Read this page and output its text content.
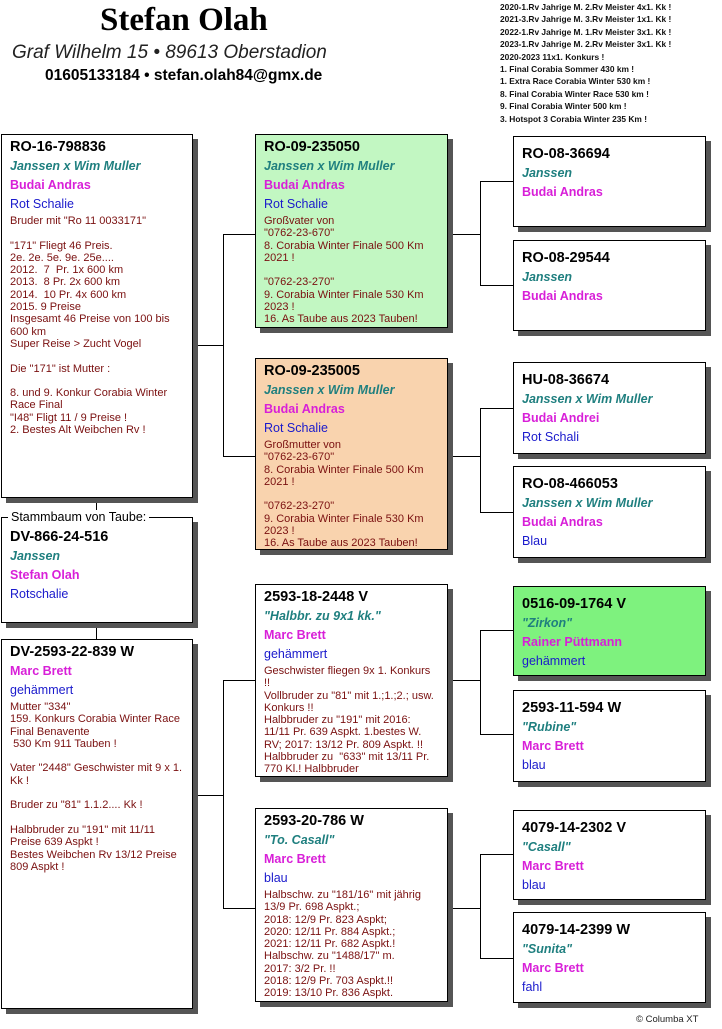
Stefan Olah
Graf Wilhelm 15 • 89613 Oberstadion
01605133184 • stefan.olah84@gmx.de
2020-1.Rv Jahrige M. 2.Rv Meister 4x1. Kk !
2021-3.Rv Jahrige M. 3.Rv Meister 1x1. Kk !
2022-1.Rv Jahrige M. 1.Rv Meister 3x1. Kk !
2023-1.Rv Jahrige M. 2.Rv Meister 3x1. Kk !
2020-2023 11x1. Konkurs !
1. Final Corabia Sommer 430 km !
1. Extra Race Corabia Winter 530 km !
8. Final Corabia Winter Race 530 km !
9. Final Corabia Winter 500 km !
3. Hotspot 3 Corabia Winter 235 Km !
RO-16-798836
Janssen x Wim Muller
Budai Andras
Rot Schalie
Bruder mit "Ro 11 0033171"

"171" Fliegt 46 Preis.
2e. 2e. 5e. 9e. 25e....
2012.  7  Pr. 1x 600 km
2013.  8 Pr. 2x 600 km
2014.  10 Pr. 4x 600 km
2015. 9 Preise
Insgesamt 46 Preise von 100 bis 600 km
Super Reise > Zucht Vogel

Die "171" ist Mutter :

8. und 9. Konkur Corabia Winter Race Final
"I48" Fligt 11 / 9 Preise !
2. Bestes Alt Weibchen Rv !
DV-866-24-516
Janssen
Stefan Olah
Rotschalie
Stammbaum von Taube:
DV-2593-22-839 W
Marc Brett
gehämmert
Mutter "334"
159. Konkurs Corabia Winter Race Final Benavente
530 Km 911 Tauben !

Vater "2448" Geschwister mit 9 x 1. Kk !

Bruder zu "81" 1.1.2.... Kk !

Halbbruder zu "191" mit 11/11 Preise 639 Aspkt !
Bestes Weibchen Rv 13/12 Preise 809 Aspkt !
RO-09-235050
Janssen x Wim Muller
Budai Andras
Rot Schalie
Großvater von
"0762-23-670"
8. Corabia Winter Finale 500 Km 2021 !

"0762-23-270"
9. Corabia Winter Finale 530 Km 2023 !
16. As Taube aus 2023 Tauben!
RO-09-235005
Janssen x Wim Muller
Budai Andras
Rot Schalie
Großmutter von
"0762-23-670"
8. Corabia Winter Finale 500 Km 2021 !

"0762-23-270"
9. Corabia Winter Finale 530 Km 2023 !
16. As Taube aus 2023 Tauben!
2593-18-2448 V
"Halbbr. zu 9x1 kk."
Marc Brett
gehämmert
Geschwister fliegen 9x 1. Konkurs !!
Vollbruder zu "81" mit 1.;1.;2.; usw. Konkurs !!
Halbbruder zu "191" mit 2016: 11/11 Pr. 639 Aspkt. 1.bestes W. RV; 2017: 13/12 Pr. 809 Aspkt. !! Halbbruder zu  "633" mit 13/11 Pr. 770 Kl.! Halbbruder
2593-20-786 W
"To. Casall"
Marc Brett
blau
Halbschw. zu "181/16" mit jährig 13/9 Pr. 698 Aspkt.;
2018: 12/9 Pr. 823 Aspkt;
2020: 12/11 Pr. 884 Aspkt.;
2021: 12/11 Pr. 682 Aspkt.!
Halbschw. zu "1488/17" m.
2017: 3/2 Pr. !!
2018: 12/9 Pr. 703 Aspkt.!!
2019: 13/10 Pr. 836 Aspkt.
RO-08-36694
Janssen
Budai Andras
RO-08-29544
Janssen
Budai Andras
HU-08-36674
Janssen x Wim Muller
Budai Andrei
Rot Schali
RO-08-466053
Janssen x Wim Muller
Budai Andras
Blau
0516-09-1764 V
"Zirkon"
Rainer Püttmann
gehämmert
2593-11-594 W
"Rubine"
Marc Brett
blau
4079-14-2302 V
"Casall"
Marc Brett
blau
4079-14-2399 W
"Sunita"
Marc Brett
fahl
© Columba XT
